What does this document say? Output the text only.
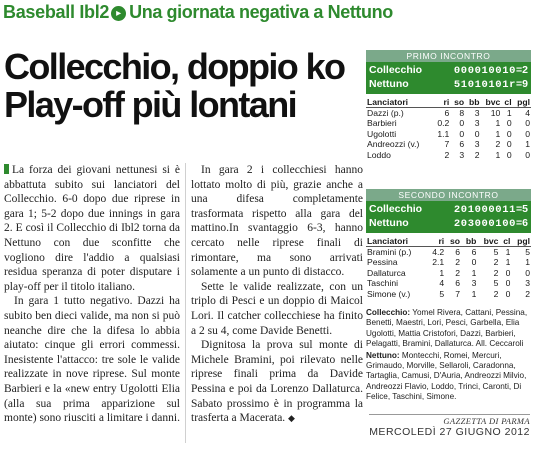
Baseball Ibl2 ▸ Una giornata negativa a Nettuno
Collecchio, doppio ko
Play-off più lontani

La forza dei giovani nettunesi si è abbattuta subito sui lanciatori del Collecchio. 6-0 dopo due riprese in gara 1; 5-2 dopo due innings in gara 2. E così il Collecchio di Ibl2 torna da Nettuno con due sconfitte che vogliono dire l'addio a qualsiasi residua speranza di poter disputare i play-off per il titolo italiano.

In gara 1 tutto negativo. Dazzi ha subito ben dieci valide, ma non si può neanche dire che la difesa lo abbia aiutato: cinque gli errori commessi. Inesistente l'attacco: tre sole le valide realizzate in nove riprese. Sul monte Barbieri e la «new entry Ugolotti Elia (alla sua prima apparizione sul monte) sono riusciti a limitare i danni.

In gara 2 i collecchiesi hanno lottato molto di più, grazie anche a una difesa completamente trasformata rispetto alla gara del mattino.In svantaggio 6-3, hanno cercato nelle riprese finali di rimontare, ma sono arrivati solamente a un punto di distacco.

Sette le valide realizzate, con un triplo di Pesci e un doppio di Maicol Lori. Il catcher collecchiese ha finito a 2 su 4, come Davide Benetti.

Dignitosa la prova sul monte di Michele Bramini, poi rilevato nelle riprese finali prima da Davide Pessina e poi da Lorenzo Dallaturca. Sabato prossimo è in programma la trasferta a Macerata. ◆

PRIMO INCONTRO
Collecchio	000010010=2
Nettuno	51010101r=9
Lanciatori	ri	so	bb	bvc	cl	pgl
Dazzi (p.)	6	8	3	10	1	4
Barbieri	0.2	0	3	1	0	0
Ugolotti	1.1	0	0	1	0	0
Andreozzi (v.)	7	6	3	2	0	1
Loddo	2	3	2	1	0	0
SECONDO INCONTRO
Collecchio	201000011=5
Nettuno	203000100=6
Lanciatori	ri	so	bb	bvc	cl	pgl
Bramini (p.)	4.2	6	6	5	1	5
Pessina	2.1	2	0	2	1	1
Dallaturca	1	2	1	2	0	0
Taschini	4	6	3	5	0	3
Simone (v.)	5	7	1	2	0	2

Collecchio: Yomel Rivera, Cattani, Pessina, Benetti, Maestri, Lori, Pesci, Garbella, Elia Ugolotti, Mattia Cristofori, Dazzi, Barbieri, Pelagatti, Bramini, Dallaturca. All. Ceccaroli

Nettuno: Montecchi, Romei, Mercuri, Grimaudo, Morville, Sellaroli, Caradonna, Tartaglia, Camusi, D'Auria, Andreozzi Milvio, Andreozzi Flavio, Loddo, Trinci, Caronti, Di Felice, Taschini, Simone.

GAZZETTA DI PARMA
MERCOLEDÌ 27 GIUGNO 2012
